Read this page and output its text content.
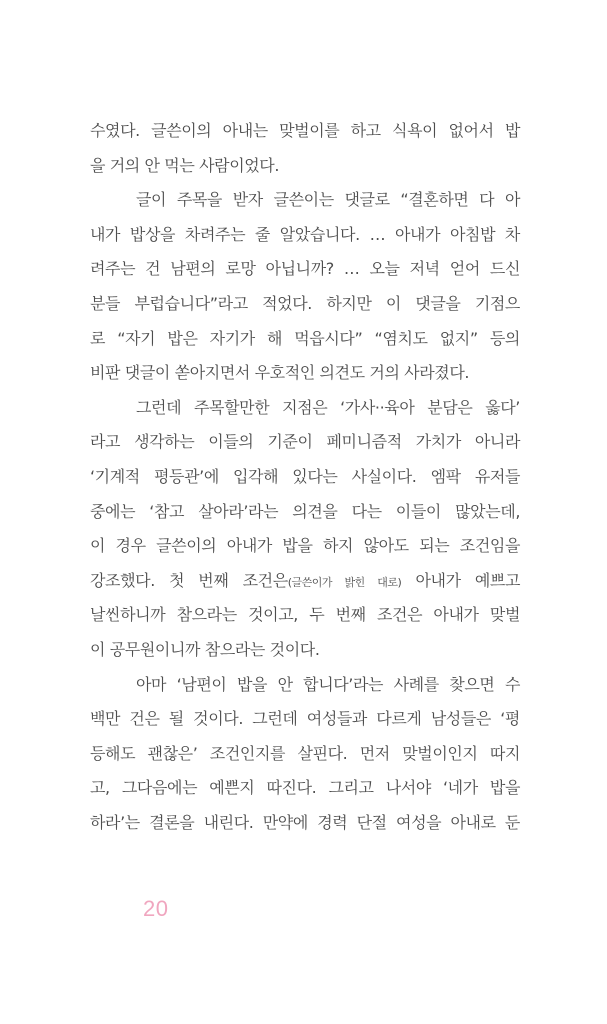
수였다. 글쓴이의 아내는 맞벌이를 하고 식욕이 없어서 밥
을 거의 안 먹는 사람이었다.
글이 주목을 받자 글쓴이는 댓글로 “결혼하면 다 아
내가 밥상을 차려주는 줄 알았습니다. … 아내가 아침밥 차
려주는 건 남편의 로망 아닙니까? … 오늘 저녁 얻어 드신
분들 부럽습니다”라고 적었다. 하지만 이 댓글을 기점으
로 “자기 밥은 자기가 해 먹읍시다” “염치도 없지” 등의
비판 댓글이 쏟아지면서 우호적인 의견도 거의 사라졌다.
그런데 주목할만한 지점은 ‘가사··육아 분담은 옳다’
라고 생각하는 이들의 기준이 페미니즘적 가치가 아니라
‘기계적 평등관’에 입각해 있다는 사실이다. 엠팍 유저들
중에는 ‘참고 살아라’라는 의견을 다는 이들이 많았는데,
이 경우 글쓴이의 아내가 밥을 하지 않아도 되는 조건임을
강조했다. 첫 번째 조건은(글쓴이가 밝힌 대로) 아내가 예쁘고
날씬하니까 참으라는 것이고, 두 번째 조건은 아내가 맞벌
이 공무원이니까 참으라는 것이다.
아마 ‘남편이 밥을 안 합니다’라는 사례를 찾으면 수
백만 건은 될 것이다. 그런데 여성들과 다르게 남성들은 ‘평
등해도 괜찮은’ 조건인지를 살핀다. 먼저 맞벌이인지 따지
고, 그다음에는 예쁜지 따진다. 그리고 나서야 ‘네가 밥을
하라’는 결론을 내린다. 만약에 경력 단절 여성을 아내로 둔
20
